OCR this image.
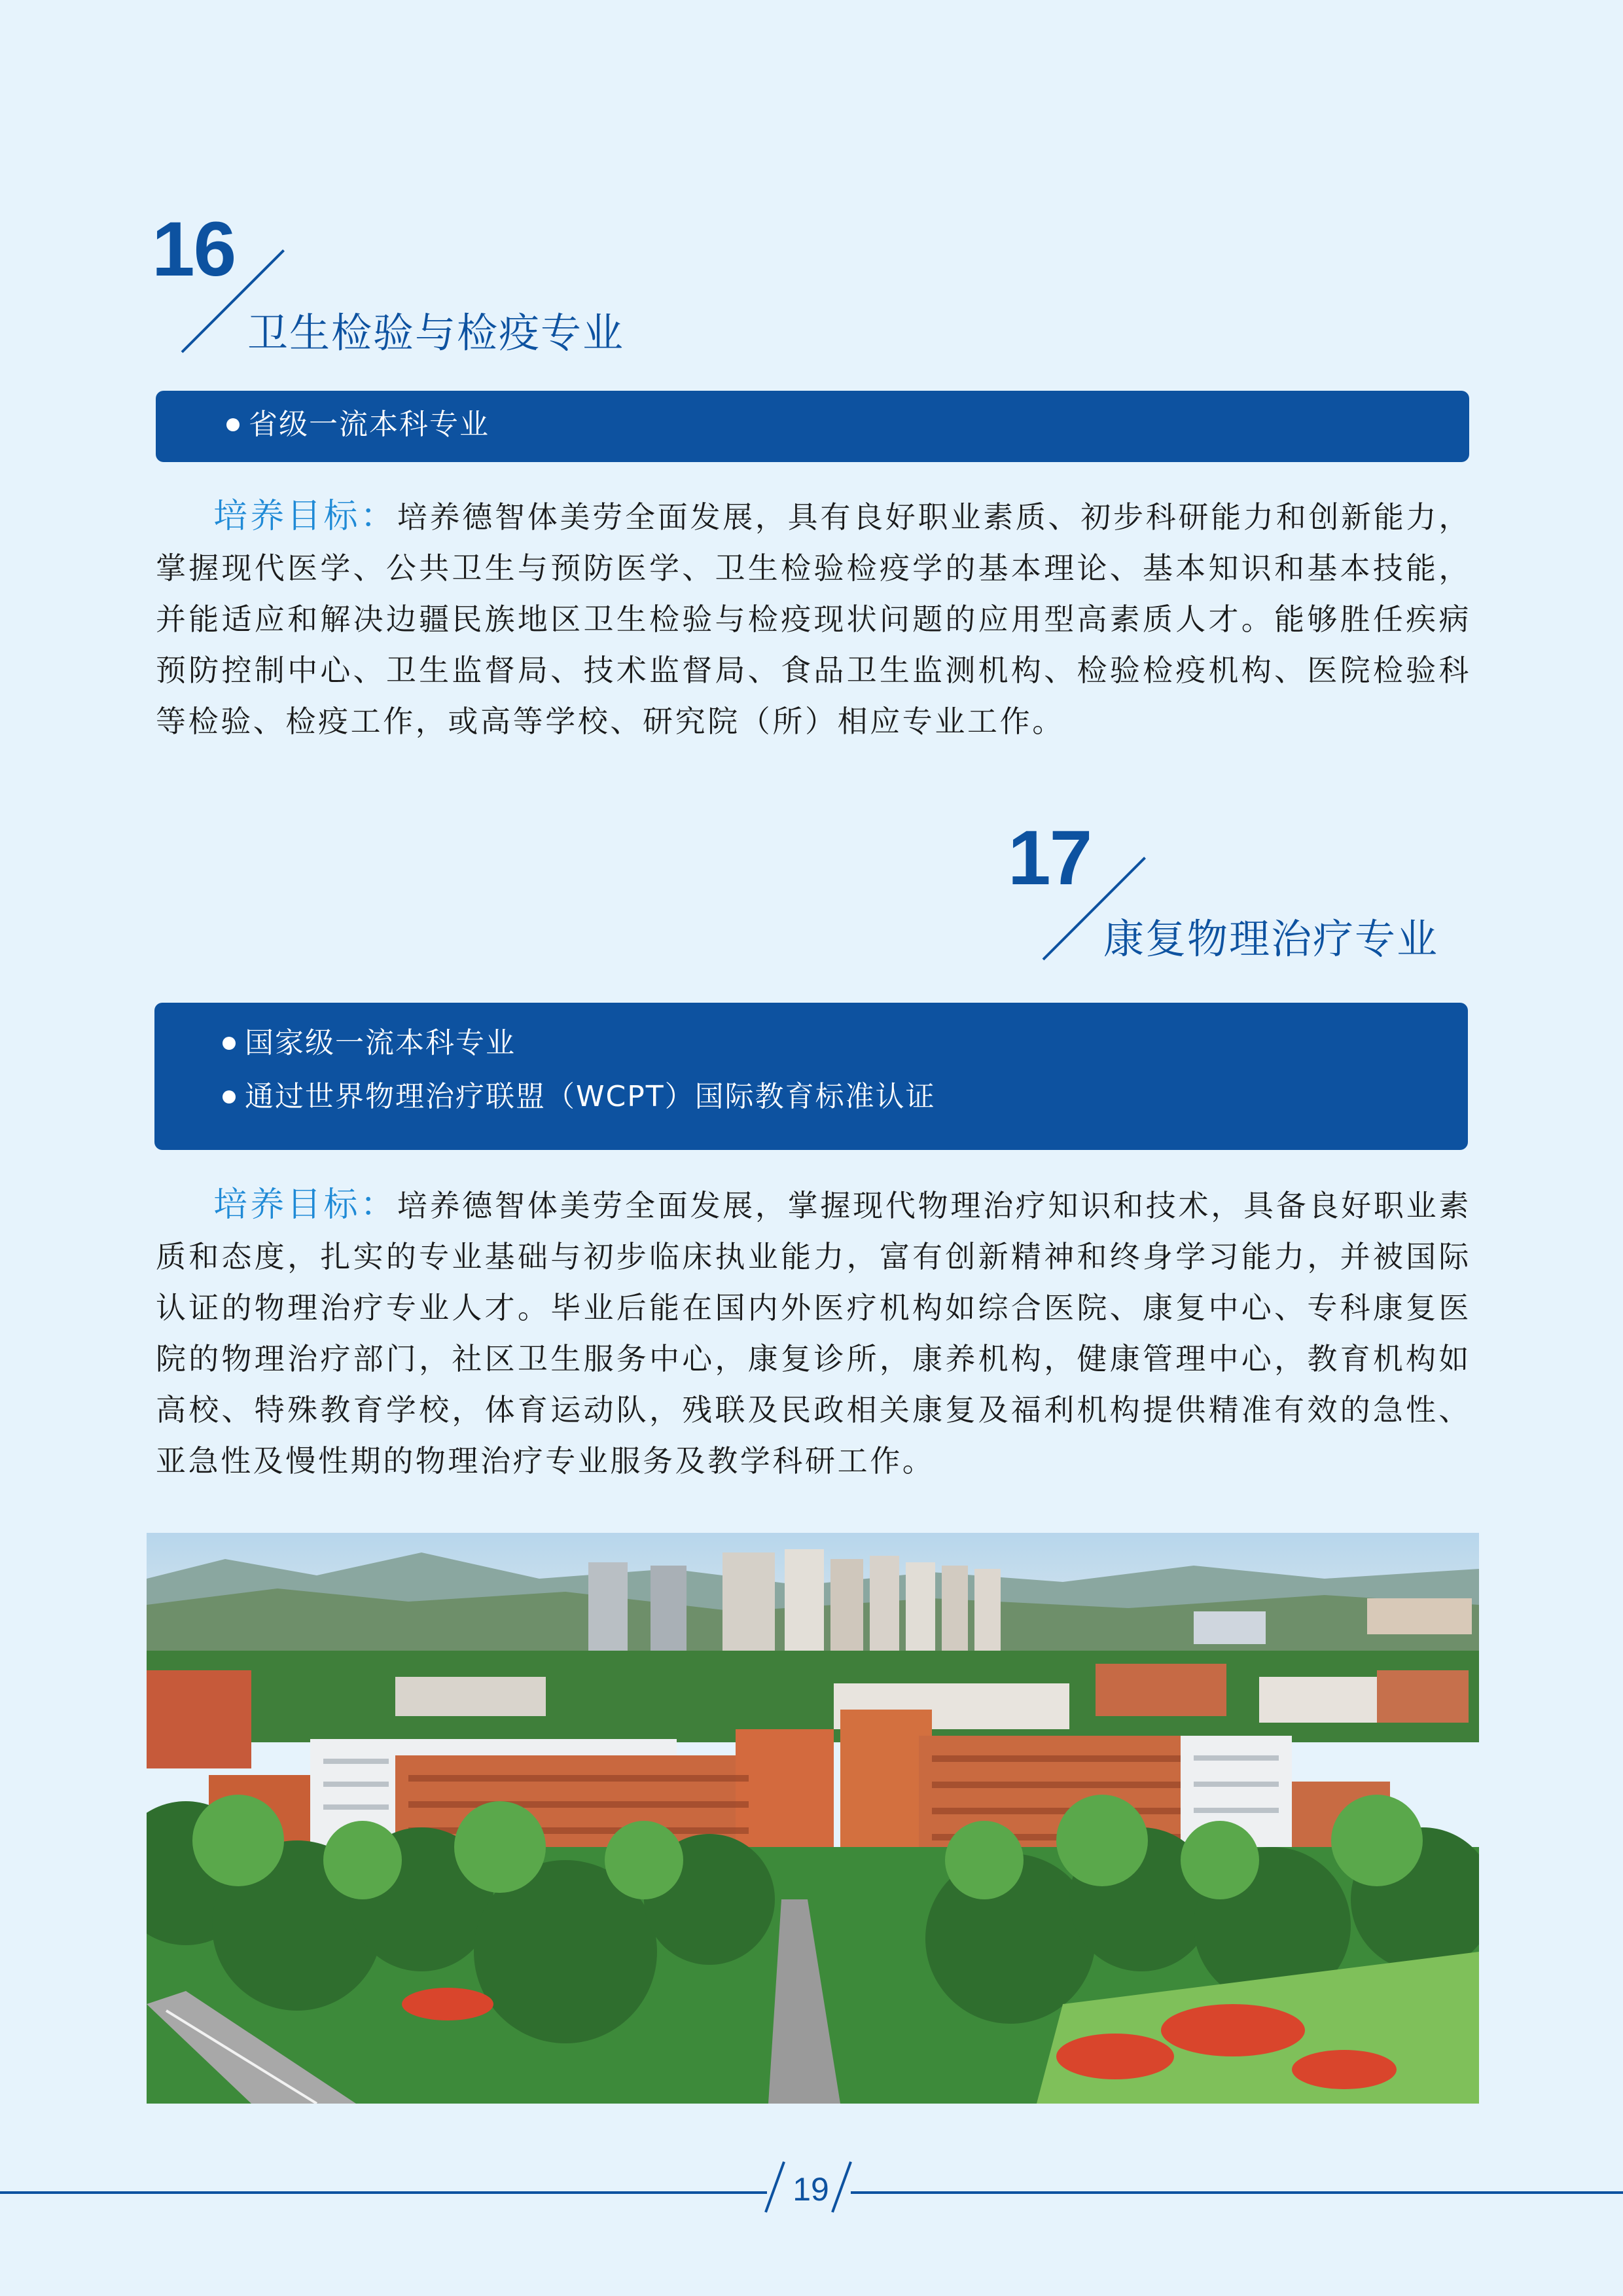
16
卫生检验与检疫专业
省级一流本科专业
培养目标：培养德智体美劳全面发展，具有良好职业素质、初步科研能力和创新能力，掌握现代医学、公共卫生与预防医学、卫生检验检疫学的基本理论、基本知识和基本技能，并能适应和解决边疆民族地区卫生检验与检疫现状问题的应用型高素质人才。能够胜任疾病预防控制中心、卫生监督局、技术监督局、食品卫生监测机构、检验检疫机构、医院检验科等检验、检疫工作，或高等学校、研究院（所）相应专业工作。
17
康复物理治疗专业
国家级一流本科专业
通过世界物理治疗联盟（WCPT）国际教育标准认证
培养目标：培养德智体美劳全面发展，掌握现代物理治疗知识和技术，具备良好职业素质和态度，扎实的专业基础与初步临床执业能力，富有创新精神和终身学习能力，并被国际认证的物理治疗专业人才。毕业后能在国内外医疗机构如综合医院、康复中心、专科康复医院的物理治疗部门，社区卫生服务中心，康复诊所，康养机构，健康管理中心，教育机构如高校、特殊教育学校，体育运动队，残联及民政相关康复及福利机构提供精准有效的急性、亚急性及慢性期的物理治疗专业服务及教学科研工作。
19
